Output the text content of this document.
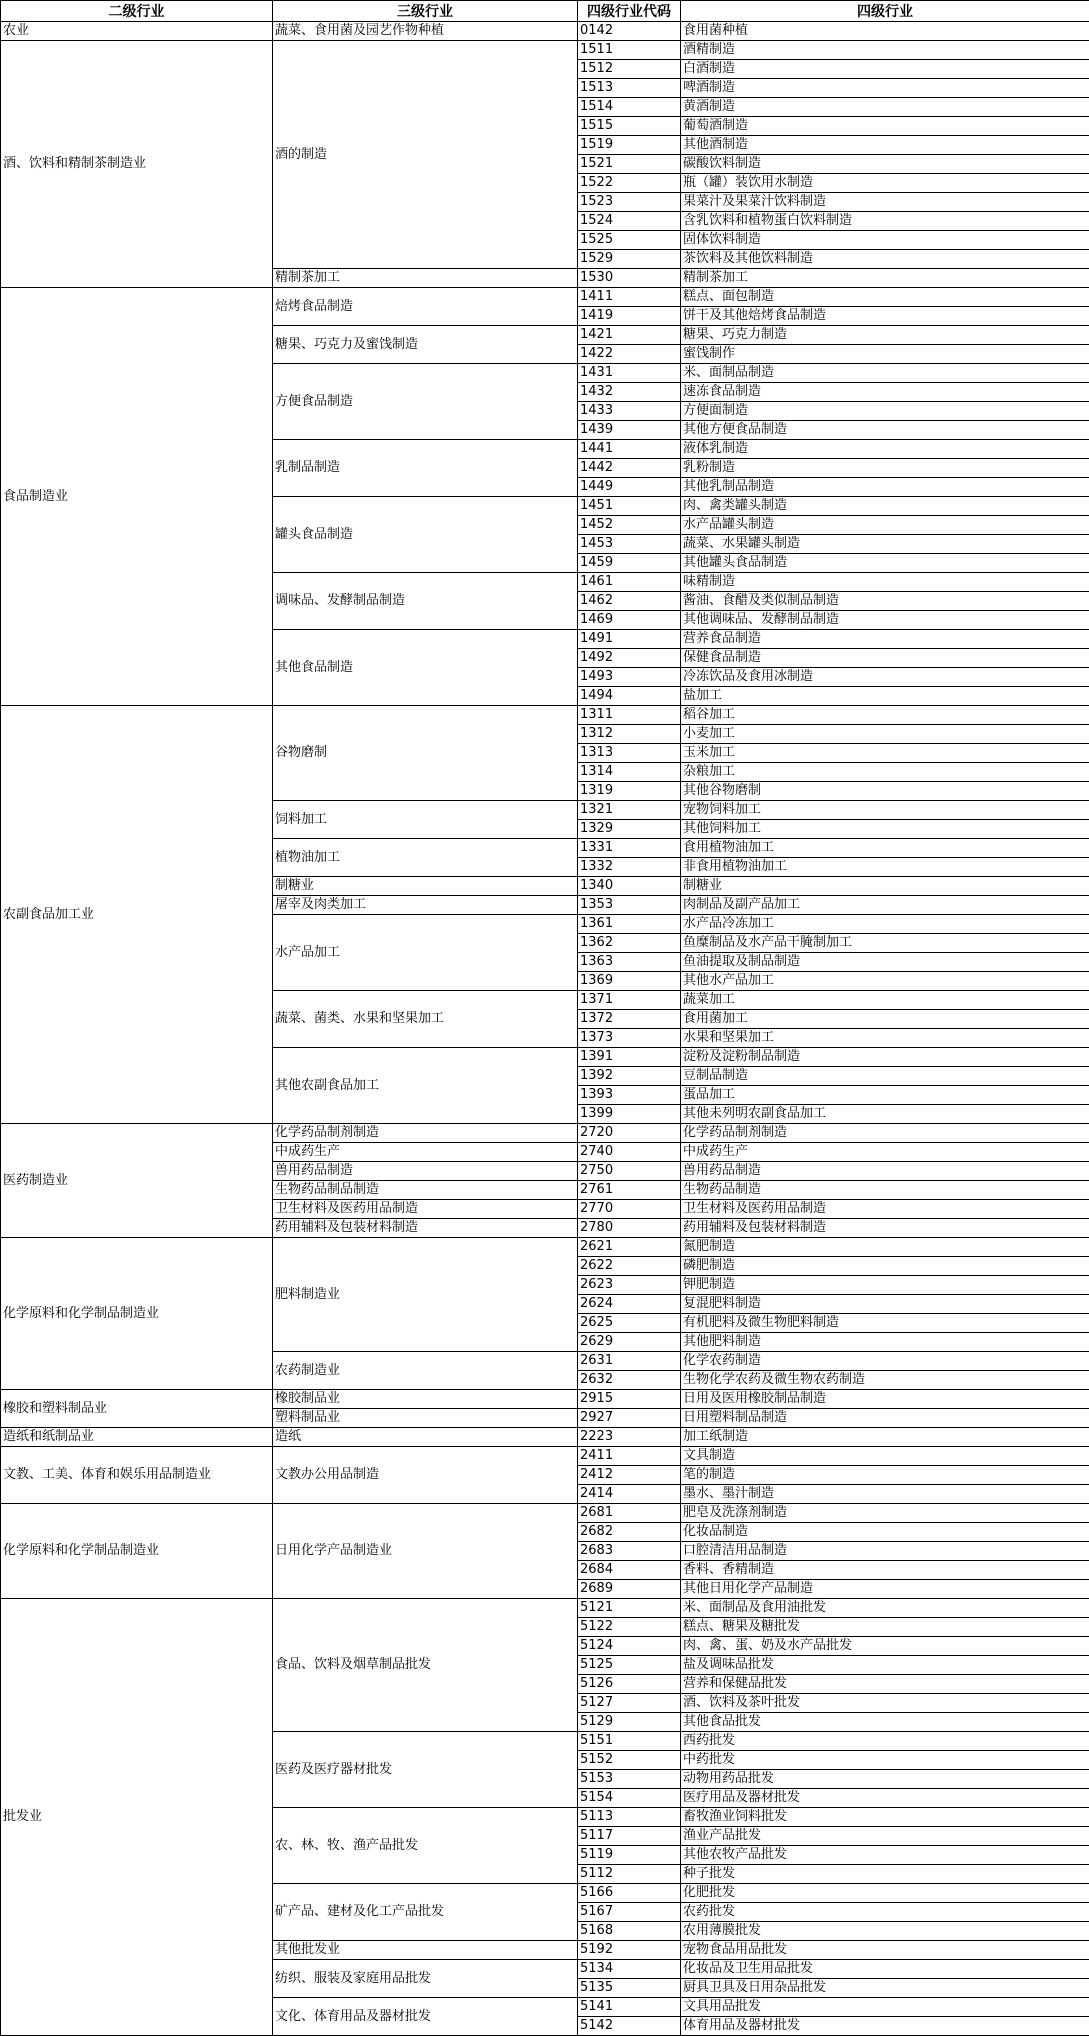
二级行业	三级行业	四级行业代码	四级行业
农业	蔬菜、食用菌及园艺作物种植	0142	食用菌种植
酒、饮料和精制茶制造业	酒的制造	1511	酒精制造
		1512	白酒制造
		1513	啤酒制造
		1514	黄酒制造
		1515	葡萄酒制造
		1519	其他酒制造
		1521	碳酸饮料制造
		1522	瓶（罐）装饮用水制造
		1523	果菜汁及果菜汁饮料制造
		1524	含乳饮料和植物蛋白饮料制造
		1525	固体饮料制造
		1529	茶饮料及其他饮料制造
	精制茶加工	1530	精制茶加工
食品制造业	焙烤食品制造	1411	糕点、面包制造
		1419	饼干及其他焙烤食品制造
	糖果、巧克力及蜜饯制造	1421	糖果、巧克力制造
		1422	蜜饯制作
	方便食品制造	1431	米、面制品制造
		1432	速冻食品制造
		1433	方便面制造
		1439	其他方便食品制造
	乳制品制造	1441	液体乳制造
		1442	乳粉制造
		1449	其他乳制品制造
	罐头食品制造	1451	肉、禽类罐头制造
		1452	水产品罐头制造
		1453	蔬菜、水果罐头制造
		1459	其他罐头食品制造
	调味品、发酵制品制造	1461	味精制造
		1462	酱油、食醋及类似制品制造
		1469	其他调味品、发酵制品制造
	其他食品制造	1491	营养食品制造
		1492	保健食品制造
		1493	冷冻饮品及食用冰制造
		1494	盐加工
农副食品加工业	谷物磨制	1311	稻谷加工
		1312	小麦加工
		1313	玉米加工
		1314	杂粮加工
		1319	其他谷物磨制
	饲料加工	1321	宠物饲料加工
		1329	其他饲料加工
	植物油加工	1331	食用植物油加工
		1332	非食用植物油加工
	制糖业	1340	制糖业
	屠宰及肉类加工	1353	肉制品及副产品加工
	水产品加工	1361	水产品冷冻加工
		1362	鱼糜制品及水产品干腌制加工
		1363	鱼油提取及制品制造
		1369	其他水产品加工
	蔬菜、菌类、水果和坚果加工	1371	蔬菜加工
		1372	食用菌加工
		1373	水果和坚果加工
	其他农副食品加工	1391	淀粉及淀粉制品制造
		1392	豆制品制造
		1393	蛋品加工
		1399	其他未列明农副食品加工
医药制造业	化学药品制剂制造	2720	化学药品制剂制造
	中成药生产	2740	中成药生产
	兽用药品制造	2750	兽用药品制造
	生物药品制品制造	2761	生物药品制造
	卫生材料及医药用品制造	2770	卫生材料及医药用品制造
	药用辅料及包装材料制造	2780	药用辅料及包装材料制造
化学原料和化学制品制造业	肥料制造业	2621	氮肥制造
		2622	磷肥制造
		2623	钾肥制造
		2624	复混肥料制造
		2625	有机肥料及微生物肥料制造
		2629	其他肥料制造
	农药制造业	2631	化学农药制造
		2632	生物化学农药及微生物农药制造
橡胶和塑料制品业	橡胶制品业	2915	日用及医用橡胶制品制造
	塑料制品业	2927	日用塑料制品制造
造纸和纸制品业	造纸	2223	加工纸制造
文教、工美、体育和娱乐用品制造业	文教办公用品制造	2411	文具制造
		2412	笔的制造
		2414	墨水、墨汁制造
化学原料和化学制品制造业	日用化学产品制造业	2681	肥皂及洗涤剂制造
		2682	化妆品制造
		2683	口腔清洁用品制造
		2684	香料、香精制造
		2689	其他日用化学产品制造
批发业	食品、饮料及烟草制品批发	5121	米、面制品及食用油批发
		5122	糕点、糖果及糖批发
		5124	肉、禽、蛋、奶及水产品批发
		5125	盐及调味品批发
		5126	营养和保健品批发
		5127	酒、饮料及茶叶批发
		5129	其他食品批发
	医药及医疗器材批发	5151	西药批发
		5152	中药批发
		5153	动物用药品批发
		5154	医疗用品及器材批发
	农、林、牧、渔产品批发	5113	畜牧渔业饲料批发
		5117	渔业产品批发
		5119	其他农牧产品批发
		5112	种子批发
	矿产品、建材及化工产品批发	5166	化肥批发
		5167	农药批发
		5168	农用薄膜批发
	其他批发业	5192	宠物食品用品批发
	纺织、服装及家庭用品批发	5134	化妆品及卫生用品批发
		5135	厨具卫具及日用杂品批发
	文化、体育用品及器材批发	5141	文具用品批发
		5142	体育用品及器材批发
